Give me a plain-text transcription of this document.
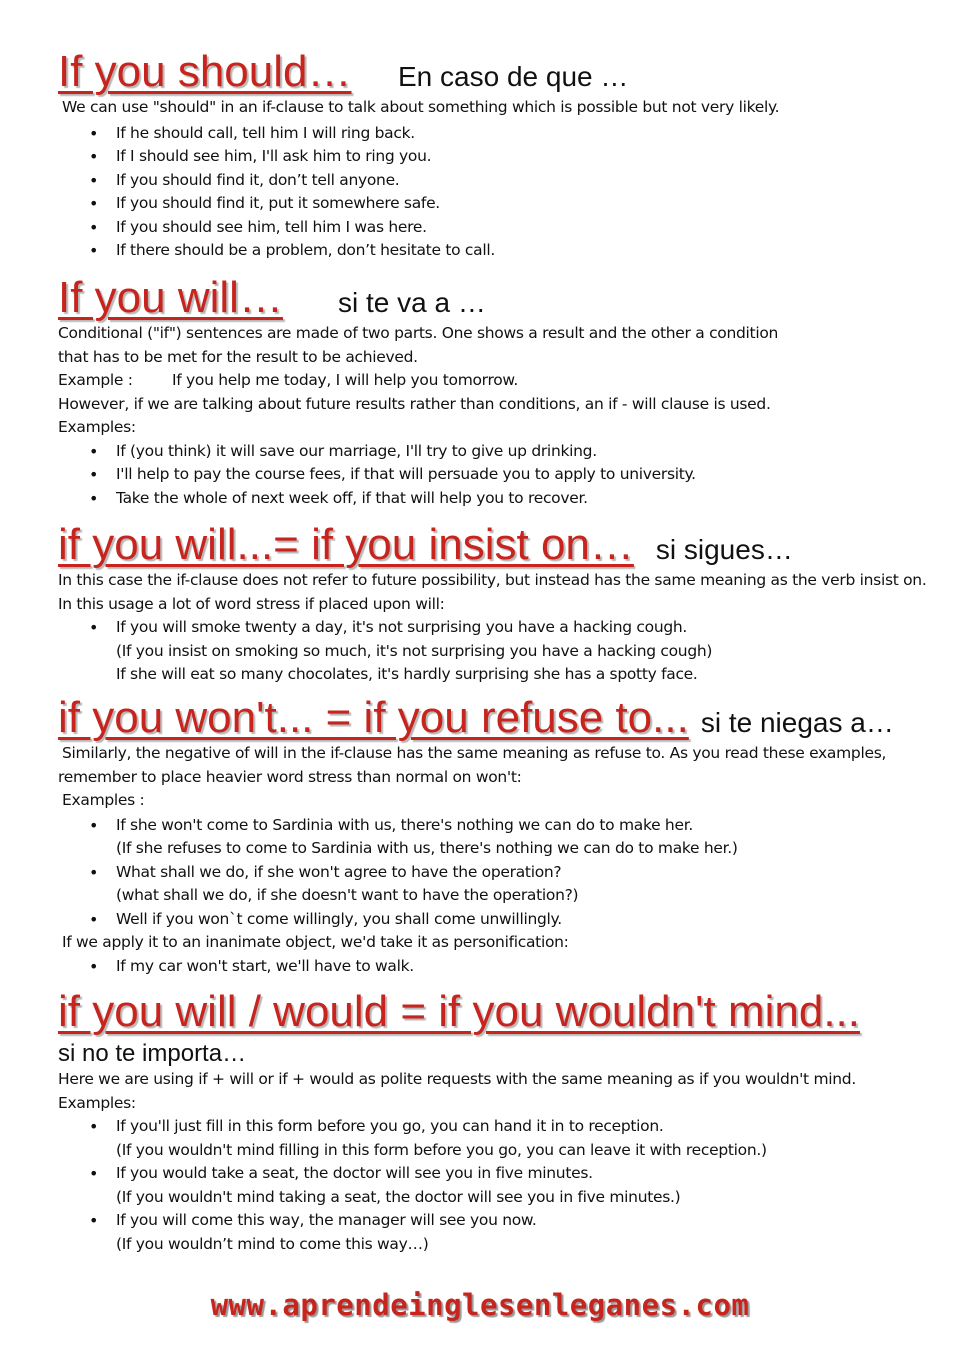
If you should…	En caso de que …

We can use "should" in an if-clause to talk about something which is possible but not very likely.

• If he should call, tell him I will ring back.
• If I should see him, I'll ask him to ring you.
• If you should find it, don’t tell anyone.
• If you should find it, put it somewhere safe.
• If you should see him, tell him I was here.
• If there should be a problem, don’t hesitate to call.
If you will…	si te va a …

Conditional ("if") sentences are made of two parts. One shows a result and the other a condition

that has to be met for the result to be achieved.

Example :	If you help me today, I will help you tomorrow.

However, if we are talking about future results rather than conditions, an if - will clause is used.

Examples:

• If (you think) it will save our marriage, I'll try to give up drinking.
• I'll help to pay the course fees, if that will persuade you to apply to university.
• Take the whole of next week off, if that will help you to recover.
if you will...= if you insist on… si sigues…

In this case the if-clause does not refer to future possibility, but instead has the same meaning as the verb insist on.

In this usage a lot of word stress if placed upon will:

• If you will smoke twenty a day, it's not surprising you have a hacking cough.
(If you insist on smoking so much, it's not surprising you have a hacking cough)
If she will eat so many chocolates, it's hardly surprising she has a spotty face.
if you won't... = if you refuse to... si te niegas a…

Similarly, the negative of will in the if-clause has the same meaning as refuse to. As you read these examples,

remember to place heavier word stress than normal on won't:

Examples :

• If she won't come to Sardinia with us, there's nothing we can do to make her.
(If she refuses to come to Sardinia with us, there's nothing we can do to make her.)
• What shall we do, if she won't agree to have the operation?
(what shall we do, if she doesn't want to have the operation?)
• Well if you won`t come willingly, you shall come unwillingly.

If we apply it to an inanimate object, we'd take it as personification:

• If my car won't start, we'll have to walk.
if you will / would = if you wouldn't mind...
si no te importa…

Here we are using if + will or if + would as polite requests with the same meaning as if you wouldn't mind.

Examples:

• If you'll just fill in this form before you go, you can hand it in to reception.
(If you wouldn't mind filling in this form before you go, you can leave it with reception.)
• If you would take a seat, the doctor will see you in five minutes.
(If you wouldn't mind taking a seat, the doctor will see you in five minutes.)
• If you will come this way, the manager will see you now.
(If you wouldn’t mind to come this way…)
www.aprendeinglesenleganes.com
